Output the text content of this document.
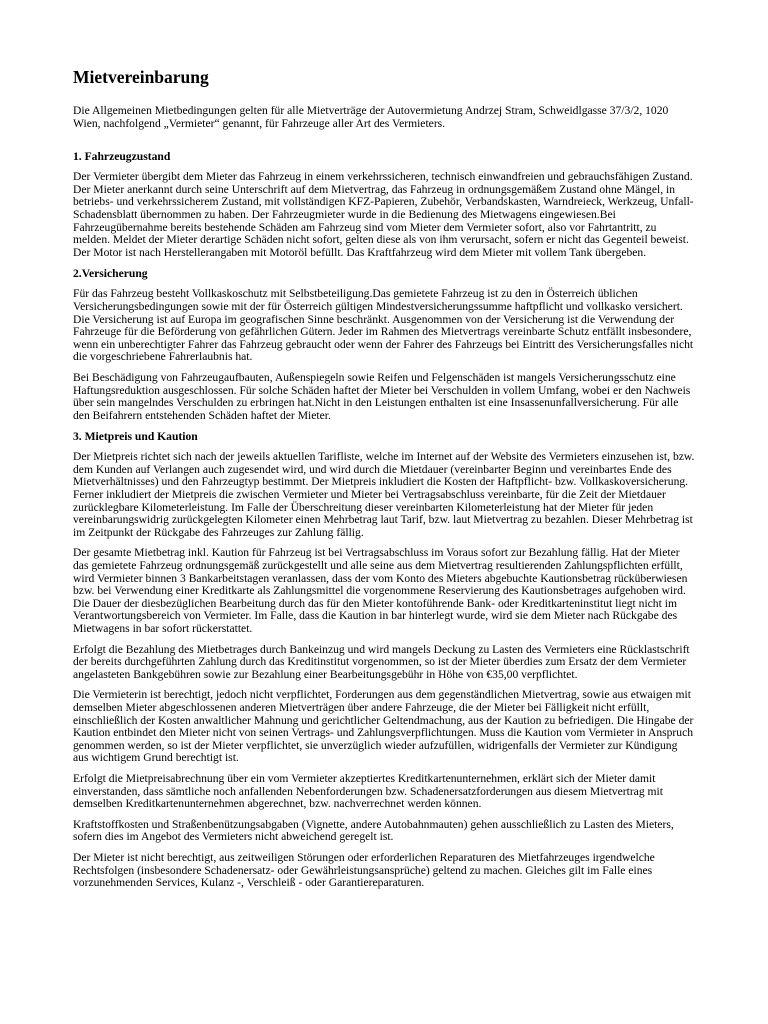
Mietvereinbarung

Die Allgemeinen Mietbedingungen gelten für alle Mietverträge der Autovermietung Andrzej Stram, Schweidlgasse 37/3/2, 1020 Wien, nachfolgend „Vermieter“ genannt, für Fahrzeuge aller Art des Vermieters.

1. Fahrzeugzustand

Der Vermieter übergibt dem Mieter das Fahrzeug in einem verkehrssicheren, technisch einwandfreien und gebrauchsfähigen Zustand. Der Mieter anerkannt durch seine Unterschrift auf dem Mietvertrag, das Fahrzeug in ordnungsgemäßem Zustand ohne Mängel, in betriebs- und verkehrssicherem Zustand, mit vollständigen KFZ-Papieren, Zubehör, Verbandskasten, Warndreieck, Werkzeug, Unfall-Schadensblatt übernommen zu haben. Der Fahrzeugmieter wurde in die Bedienung des Mietwagens eingewiesen.Bei Fahrzeugübernahme bereits bestehende Schäden am Fahrzeug sind vom Mieter dem Vermieter sofort, also vor Fahrtantritt, zu melden. Meldet der Mieter derartige Schäden nicht sofort, gelten diese als von ihm verursacht, sofern er nicht das Gegenteil beweist. Der Motor ist nach Herstellerangaben mit Motoröl befüllt. Das Kraftfahrzeug wird dem Mieter mit vollem Tank übergeben.

2.Versicherung

Für das Fahrzeug besteht Vollkaskoschutz mit Selbstbeteiligung.Das gemietete Fahrzeug ist zu den in Österreich üblichen Versicherungsbedingungen sowie mit der für Österreich gültigen Mindestversicherungssumme haftpflicht und vollkasko versichert. Die Versicherung ist auf Europa im geografischen Sinne beschränkt. Ausgenommen von der Versicherung ist die Verwendung der Fahrzeuge für die Beförderung von gefährlichen Gütern. Jeder im Rahmen des Mietvertrags vereinbarte Schutz entfällt insbesondere, wenn ein unberechtigter Fahrer das Fahrzeug gebraucht oder wenn der Fahrer des Fahrzeugs bei Eintritt des Versicherungsfalles nicht die vorgeschriebene Fahrerlaubnis hat.

Bei Beschädigung von Fahrzeugaufbauten, Außenspiegeln sowie Reifen und Felgenschäden ist mangels Versicherungsschutz eine Haftungsreduktion ausgeschlossen. Für solche Schäden haftet der Mieter bei Verschulden in vollem Umfang, wobei er den Nachweis über sein mangelndes Verschulden zu erbringen hat.Nicht in den Leistungen enthalten ist eine Insassenunfallversicherung. Für alle den Beifahrern entstehenden Schäden haftet der Mieter.

3. Mietpreis und Kaution

Der Mietpreis richtet sich nach der jeweils aktuellen Tarifliste, welche im Internet auf der Website des Vermieters einzusehen ist, bzw. dem Kunden auf Verlangen auch zugesendet wird, und wird durch die Mietdauer (vereinbarter Beginn und vereinbartes Ende des Mietverhältnisses) und den Fahrzeugtyp bestimmt. Der Mietpreis inkludiert die Kosten der Haftpflicht- bzw. Vollkaskoversicherung. Ferner inkludiert der Mietpreis die zwischen Vermieter und Mieter bei Vertragsabschluss vereinbarte, für die Zeit der Mietdauer zurücklegbare Kilometerleistung. Im Falle der Überschreitung dieser vereinbarten Kilometerleistung hat der Mieter für jeden vereinbarungswidrig zurückgelegten Kilometer einen Mehrbetrag laut Tarif, bzw. laut Mietvertrag zu bezahlen. Dieser Mehrbetrag ist im Zeitpunkt der Rückgabe des Fahrzeuges zur Zahlung fällig.

Der gesamte Mietbetrag inkl. Kaution für Fahrzeug ist bei Vertragsabschluss im Voraus sofort zur Bezahlung fällig. Hat der Mieter das gemietete Fahrzeug ordnungsgemäß zurückgestellt und alle seine aus dem Mietvertrag resultierenden Zahlungspflichten erfüllt, wird Vermieter binnen 3 Bankarbeitstagen veranlassen, dass der vom Konto des Mieters abgebuchte Kautionsbetrag rücküberwiesen bzw. bei Verwendung einer Kreditkarte als Zahlungsmittel die vorgenommene Reservierung des Kautionsbetrages aufgehoben wird. Die Dauer der diesbezüglichen Bearbeitung durch das für den Mieter kontoführende Bank- oder Kreditkarteninstitut liegt nicht im Verantwortungsbereich von Vermieter. Im Falle, dass die Kaution in bar hinterlegt wurde, wird sie dem Mieter nach Rückgabe des Mietwagens in bar sofort rückerstattet.

Erfolgt die Bezahlung des Mietbetrages durch Bankeinzug und wird mangels Deckung zu Lasten des Vermieters eine Rücklastschrift der bereits durchgeführten Zahlung durch das Kreditinstitut vorgenommen, so ist der Mieter überdies zum Ersatz der dem Vermieter angelasteten Bankgebühren sowie zur Bezahlung einer Bearbeitungsgebühr in Höhe von €35,00 verpflichtet.

Die Vermieterin ist berechtigt, jedoch nicht verpflichtet, Forderungen aus dem gegenständlichen Mietvertrag, sowie aus etwaigen mit demselben Mieter abgeschlossenen anderen Mietverträgen über andere Fahrzeuge, die der Mieter bei Fälligkeit nicht erfüllt, einschließlich der Kosten anwaltlicher Mahnung und gerichtlicher Geltendmachung, aus der Kaution zu befriedigen. Die Hingabe der Kaution entbindet den Mieter nicht von seinen Vertrags- und Zahlungsverpflichtungen. Muss die Kaution vom Vermieter in Anspruch genommen werden, so ist der Mieter verpflichtet, sie unverzüglich wieder aufzufüllen, widrigenfalls der Vermieter zur Kündigung aus wichtigem Grund berechtigt ist.

Erfolgt die Mietpreisabrechnung über ein vom Vermieter akzeptiertes Kreditkartenunternehmen, erklärt sich der Mieter damit einverstanden, dass sämtliche noch anfallenden Nebenforderungen bzw. Schadenersatzforderungen aus diesem Mietvertrag mit demselben Kreditkartenunternehmen abgerechnet, bzw. nachverrechnet werden können.

Kraftstoffkosten und Straßenbenützungsabgaben (Vignette, andere Autobahnmauten) gehen ausschließlich zu Lasten des Mieters, sofern dies im Angebot des Vermieters nicht abweichend geregelt ist.

Der Mieter ist nicht berechtigt, aus zeitweiligen Störungen oder erforderlichen Reparaturen des Mietfahrzeuges irgendwelche Rechtsfolgen (insbesondere Schadenersatz- oder Gewährleistungsansprüche) geltend zu machen. Gleiches gilt im Falle eines vorzunehmenden Services, Kulanz -, Verschleiß - oder Garantiereparaturen.
